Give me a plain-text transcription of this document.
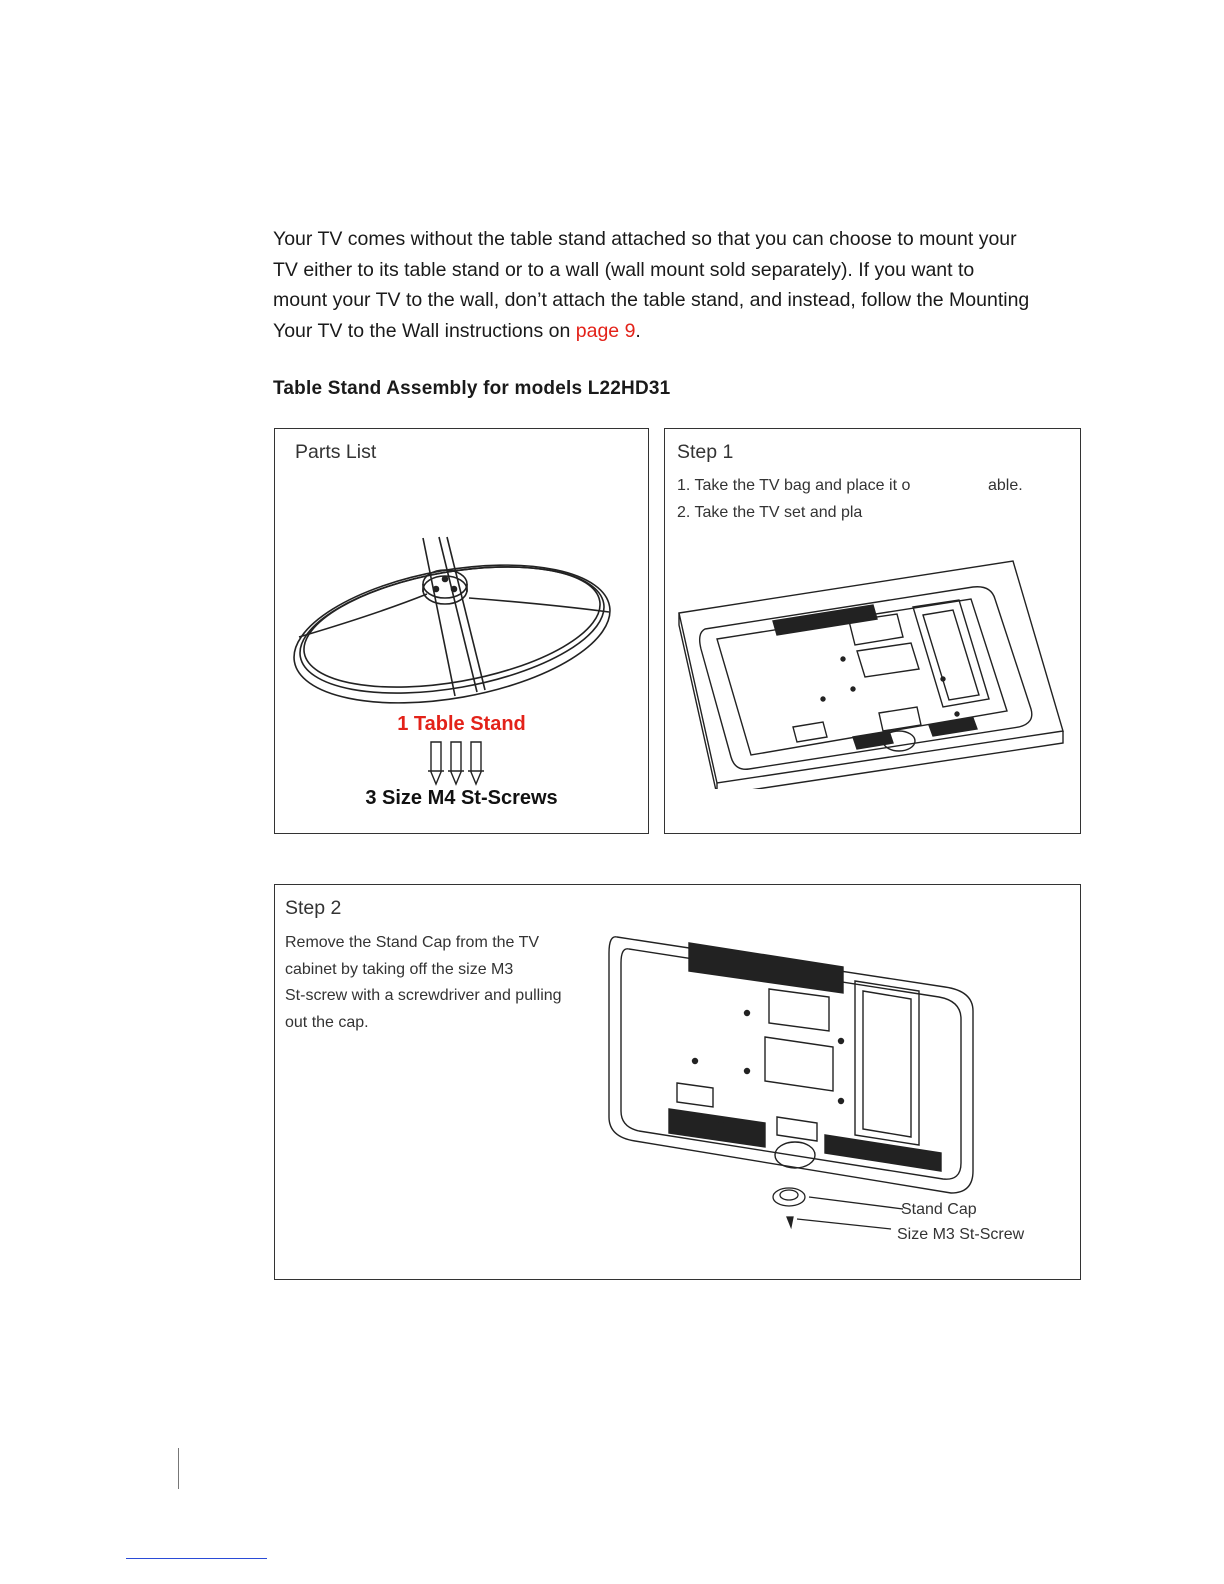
Your TV comes without the table stand attached so that you can choose to mount your TV either to its table stand or to a wall (wall mount sold separately). If you want to mount your TV to the wall, don’t attach the table stand, and instead, follow the Mounting Your TV to the Wall instructions on page 9.

Table Stand Assembly for models L22HD31
Parts List
1 Table Stand
3 Size M4 St-Screws
Step 1
1. Take the TV bag and place it o	able.
2. Take the TV set and pla
Step 2

Remove the Stand Cap from the TV

cabinet by taking off the size M3

St-screw with a screwdriver and pulling

out the cap.

Stand Cap
Size M3 St-Screw
